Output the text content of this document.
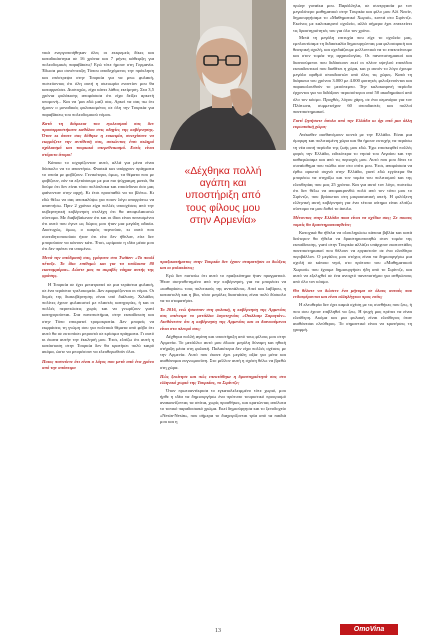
νικά ενεργοποιήθηκαν όλες οι εκκρεμείς δίκες και καταδικάστηκα σε 16 χρόνια και 7 μήνες κάθειρξη για πολεοδομικές παραβάσεις! Εγώ τότε ήμουν στη Γερμανία. Έδωσα μια συνέντευξη Τύπου αποδεχόμενος την πρόκληση και επέστρεψα στην Τουρκία για να μπω φυλακή, πιστεύοντας ότι όλη αυτή η σκευωρία εναντίον μου θα καταρρεύσει. Δυστυχώς, είχα κάνει λάθος εκτίμηση. Στα 3,5 χρόνια φυλάκισης αποφάσισα ότι είχα δείξει αρκετή υπομονή... Και να 'μαι εδώ μαζί σας. Αρκεί να σας πω ότι ήμουν ο μοναδικός φυλακισμένος σε όλη την Τουρκία για παραβάσεις του πολεοδομικού νόμου.

Κατά τη διάρκεια του εγκλεισμού σας δεν προσαρμοστήκατε καθόλου στις οδηγίες της κυβέρνησης. Όταν κι όποτε σας δόθηκε η ευκαιρία, συνεχίσατε να εκφράζετε την αντίθεσή σας, ασκώντας έτσι σκληρό σχόλιασμό και τουρκικό υπερεθνικισμό. Εσείς είναι στόρυτο άτομο!

Κάποιο το ισχυρίζονταν αυτό, αλλά για μένα είναι δύσκολο να το απαντήσω. Φυσικά και υπάρχουν πράγματα το οποία με φοβίζουν. Γενικότερα, όμως, τα θέματα που με φοβίζουν, εάν τα εξετάσουμε με μια πιο ψύχραιμη ματιά, θα δούμε ότι δεν είναι τόσο πολύπλοκα και επικίνδυνα όσο μας φαίνονταν στην αρχή. Κι έτσι προσπαθώ να τα βλέπω. Κι εδώ θέλω να σας αποκαλύψω για ποιον λόγο απορρίπτω να απαντήσω. Πριν 2 χρόνια είχα πολλές υποσχέσεις από την κυβερνητική κυβέρνηση στελέχη ότι θα αποφυλακιστώ σύντομα. Με διαβεβαίωναν ότι και οι ίδιοι είναι πεπεισμένοι ότι αυτό που έγινε ως δώρος μου ήταν μια μεγάλη αδικία. Δυστυχώς, όμως, ο καιρός περνούσε, κι αυτό που συνειδητοποιούσα ήταν ότι είτε δεν ήθελαν, είτε δεν μπορούσαν να κάνουν κάτι. Έτσι, ωρίμασε η ιδέα μέσα μου ότι δεν πρέπει να υπομένω.

Μετά την απόδρασή σας, γράφατε στο Twitter: «Το πουλί πέταξε. Το ίδιο επιθυμώ και για τα υπόλοιπα 80 εκατομμύρια». Δώστε μας το ακριβές νόημα αυτής της φράσης.

Η Τουρκία σε έχει μετατραπεί σε μια τεράστια φυλακή, σε ένα τεράστιο τρελοκομείο. Δεν εφαρμόζονται οι νόμοι. Οι δομές της διακυβέρνησης είναι υπό διάλυση. Χιλιάδες πολίτες έχουν φυλακιστεί με πλαστές κατηγορίες, ή και οι πολλές περιπτώσεις χωρίς και να γνωρίζουν γιατί κατηγορούνται. Στα πανεπιστήμια, στην εκπαίδευση και στην Τύπο επικρατεί τρομοκρατία. Δεν μπορείς να εκφράσεις τη γνώμη σου για πολιτικά θέματα από φόβο ότι αυτό θα σε εκτοπίσει μπροστά σε κρίσιμα πράγματα. Γι αυτό κι έκανα αυτήν την έκκλησή μου. Έτσι, ελπίζω ότι αυτή η κατάσταση στην Τουρκία δεν θα κρατήσει πολύ καιρό ακόμα, ώστε να μπορέσουν να ελευθερωθούν όλοι.

Ποιος πιστεύετε ότι είναι ο λόγος που μετά από ένα χρόνο από την απόπειρα

«Δέχθηκα πολλή
αγάπη και
υποστήριξη από
τους φίλους μου
στην Αρμενία»

πραξικοπήματος στην Τουρκία δεν έχουν σταματήσει οι διώξεις και οι φυλακίσεις;

Εγώ δεν πιστεύω ότι αυτό το πραξικόπημα ήταν πραγματικό. Ήταν σκηνοθετημένο από την κυβέρνηση, για να μπορέσει να «καθαρίσει» τους πολιτικούς της αντιπάλους. Απεί και λαβίρου, η καταστολή και η βία, τόσο μεγάλες διαστάσεις είναι πολύ δύσκολο να τα σταματήσει.

Το 2016, ενώ ήσασταν στη φυλακή, η κυβέρνηση της Αρμενίας σας απένειμε το μετάλλιο λογοτεχνίας «Ουιλλιαμ Σαρογιάν». Αισθάνεστε ότι η κυβέρνηση της Αρμενίας και οι διανοούμενοι είναι στο πλευρό σας;

Δέχθηκα πολλή αγάπη και υποστήριξη από τους φίλους μου στην Αρμενία. Το μετάλλιο αυτό μου έδωσε μεγάλη δύναμη και ηθική στήριξη μέσα στη φυλακή. Παλαιότερα δεν είχα πολλές σχέσεις με την Αρμενία. Αυτό που έκανε έχει μεγάλη αξία για μένα και αισθάνομαι ευγνωμοσύνη. Στο μέλλον αυτή η σχέση θέλω να βρεθώ στη χώρα.

Πώς ξεκίνησε και πώς επεκτάθηκε η δραστηριότητά σας στο ελληνικό χωριό της Τουρκίας, το Σιρίντζε;

Όταν πρωτοαντίκρισα το εγκαταλελειμμένο τότε χωριό, μου ήρθε η ιδέα να δημιουργήσω ένα πρότυπο τουριστικό προορισμό ανακαινίζοντας τα σπίτια, χωρίς προσθήκες, και κρατώντας απόλυτα το τοπικό παραδοσιακό χρώμα. Εκεί δημιούργησα και το ξενοδοχείο «Nesin-Nesin», που σήμερα το διαχειρίζονται τρία από τα παιδιά μου και η

πρώην γυναίκα μου. Παράλληλα, σε συνεργασία με τον μεγαλύτερο μαθηματικό στην Τουρκία και φίλο μου Αλί Νεσίν, δημιουργήσαμε το «Μαθηματικό Χωριό», κοντά στο Σιρίντζε. Εκείνος με καλοκαιρινό σχολείο, αλλά σήμερα έχει επεκτείνει τις δραστηριότητές του για όλο τον χρόνο.

Μετά τη μεγάλη επιτυχία που είχε το σχολείο μας, εμπλουτίσαμε τη διδασκαλία δημιουργώντας μια φιλοσοφική και θεατρική σχολή, και σχεδιάζουμε μελλοντικά να το επεκτείνουμε και στον τομέα της αρχαιολογίας. Οι πανεπιστημιακοί και διανοούμενοι που διδάσκουν εκεί οι πλέον υψηλού επιπέδου εκπαιδευτικοί που διαθέτει η χώρα, και γι αυτόν το λόγο έχουμε μεγάλο αριθμό σπουδαστών από όλες τις χώρες. Κατά τη διάρκεια του χρόνου 3.000 με 4.000 φοιτητές φιλοξενούνται και παρακολουθούν το μεσόπεμπο. Την καλοκαιρινή περίοδο έρχονται για να διδάξουν περισσότεροι από 50 ακαδημαϊκοί από όλο τον κόσμο. Προχθές, λόγου χάρη, σε ένα σεμινάριο για τον Πλάτωνα, συμμετείχαν 60 σπουδαστές και πολλοί πανεπιστημιακοί.

Γιατί ζητήσατε άσυλο από την Ελλάδα κι όχι από μια άλλη ευρωπαϊκή χώρα;

Ανέκαθεν αισθανόμουν κοντά με την Ελλάδα. Είναι μια όμορφη και πολιτισμένη χώρα και θα ήμουν ευτυχής να περάσω τη νέα αυτή περίοδο της ζωής μου εδώ. Έχω επισκεφθεί πολλές φορές την Ελλάδα, ειδικότερα το νησιά του Αιγαίου και την καθιερώσαμε και από τις περιοχές μου. Αυτό που μου δίνει το συναίσθημα που νιώθω σαν στο σπίτι μου. Έτσι, αποφάσισα να έρθω αρκετά συχνά στην Ελλάδα, γιατί εδώ εγγύτερα θα μπορέσω να στηρίξω και τον τομέα του πολιτισμού και της ελευθερίας που μας 25 χρόνια. Και για αυτό τον λόγο, πιστεύω ότι δεν θέλω να απομακρυνθώ πολύ από τον τόπο μου το Σιρίντζε, που βρίσκεται στη μικρασιατική ακτή. Η φιλόξενη ελληνική αυτή κυβέρνηση για ένα τέτοιο αίτημα είναι ελπίζω σύντομα να μου δοθεί το άσυλο.

Μένοντας στην Ελλάδα ποια είναι τα σχέδια σας; Σε ποιους τομείς θα δραστηριοποιηθείτε;

Κατοχικά θα ήθελα να ολοκληρώσω κάποια βιβλία και κατά δεύτερον θα ήθελα να δραστηριοποιηθώ στον τομέα της εκπαίδευσης, γιατί στην Τουρκία αλλάζει υπάρχουν εκατοντάδες πανεπιστημιακοί που θέλουν να εργαστούν σε ένα ελεύθερο περιβάλλον. Ο μεγάλος μου στόχος είναι να δημιουργήσω μια σχολή σε κάποιο νησί, στο πρότυπο του «Μαθηματικού Χωριού» που έχουμε δημιουργήσει ήδη από το Σιρίντζε, και αυτό να εξελιχθεί σε ένα ανοιχτό πανεπιστήμιο για ανθρώπους από όλο τον κόσμο.

Θα θέλατε να δώσετε ένα μήνυμα σε όλους αυτούς που ενδιαφέρονται και είναι αλληλέγγυοι προς εσάς;

Η ελευθερία δεν έχει καμιά σχέση με τις συνθήκες που ζεις, ή που σου έχουν επιβληθεί να ζεις. Η ψυχή μας πρέπει να είναι ελεύθερη. Ακόμα και μια φυλακή είναι ελεύθερος όταν αισθάνεσαι ελεύθερος. Το σημαντικό είναι να κρατήσεις τη γραμμή.

13	OmoVina
